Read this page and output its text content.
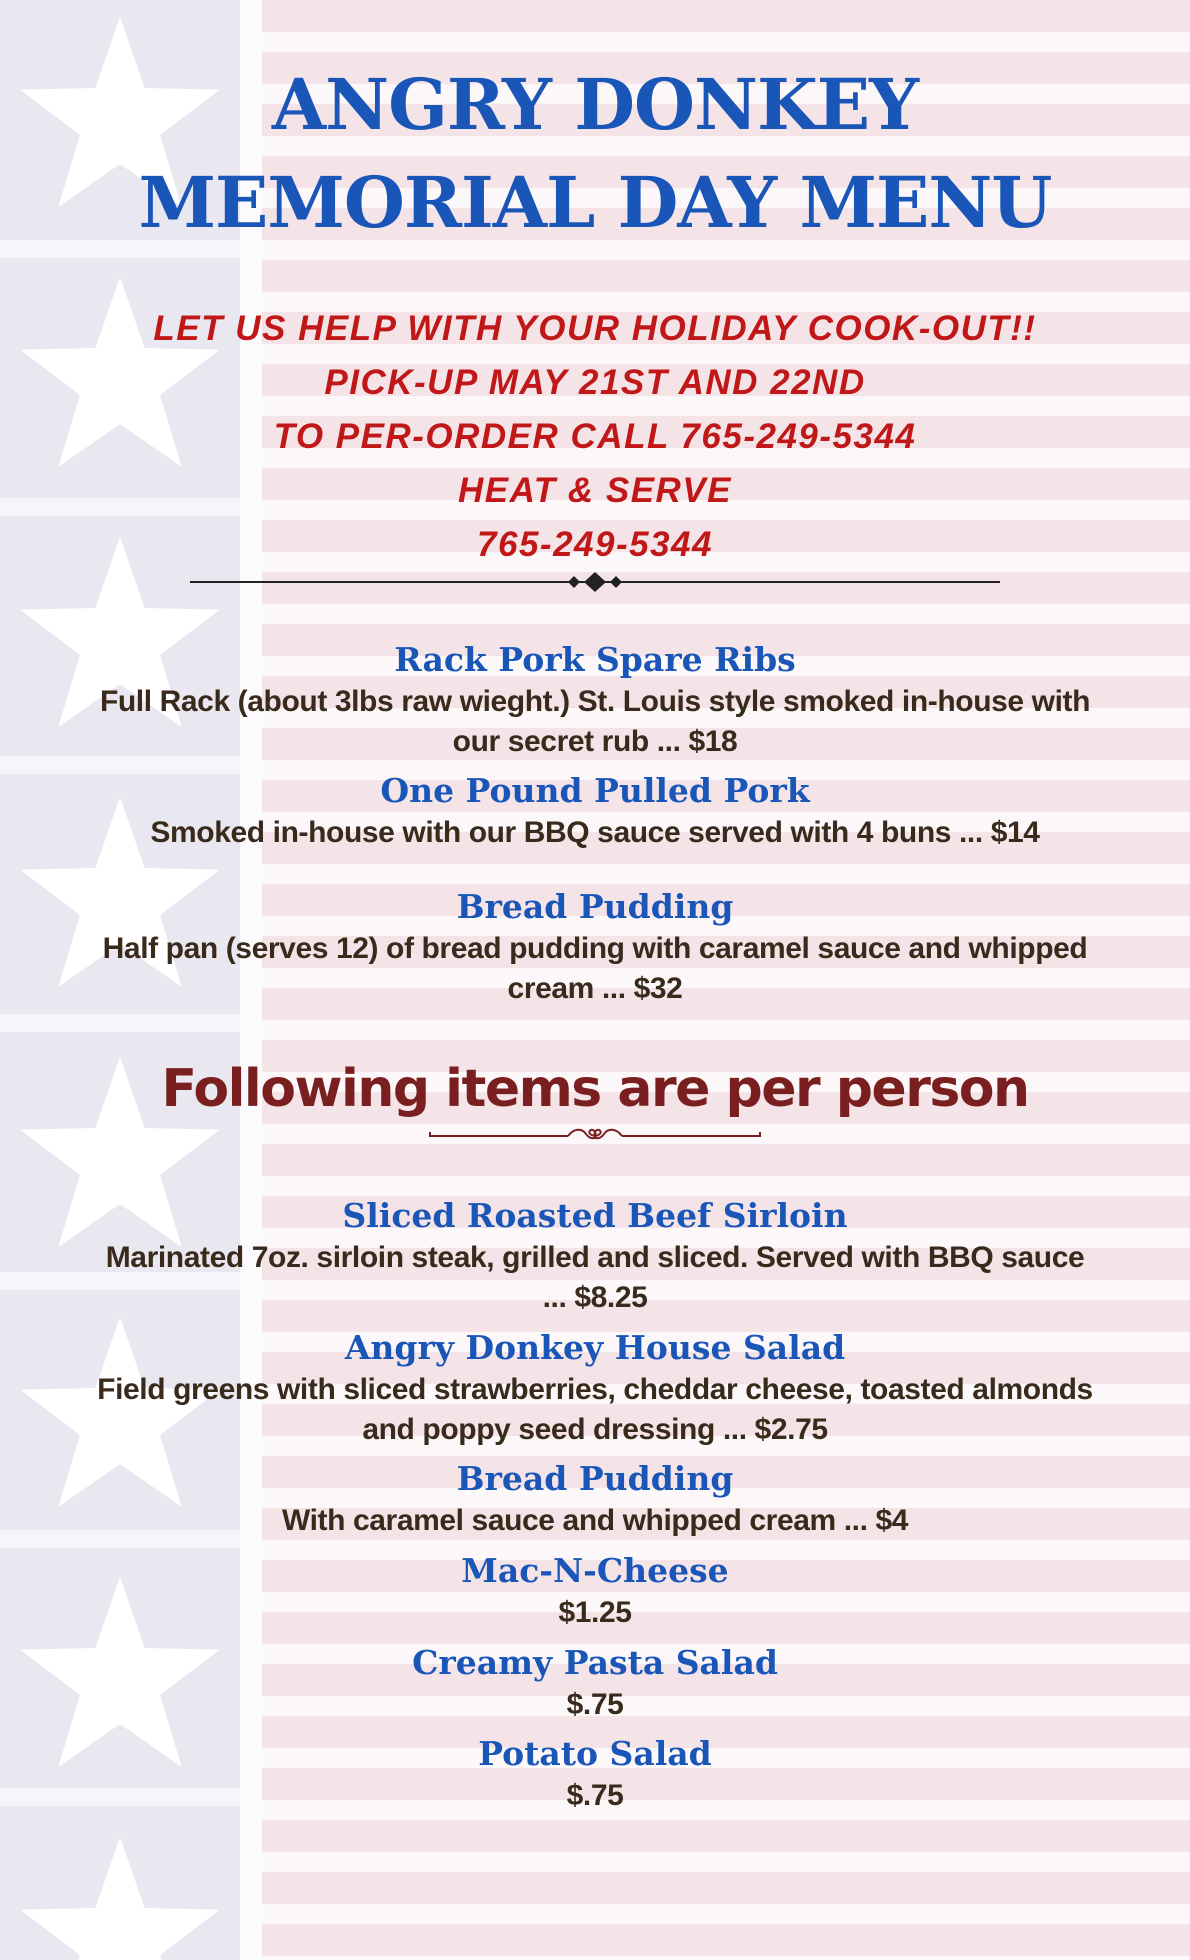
ANGRY DONKEY
MEMORIAL DAY MENU
LET US HELP WITH YOUR HOLIDAY COOK-OUT!!
PICK-UP MAY 21ST AND 22ND
TO PER-ORDER CALL 765-249-5344
HEAT & SERVE
765-249-5344
Rack Pork Spare Ribs
Full Rack (about 3lbs raw wieght.) St. Louis style smoked in-house with our secret rub ... $18
One Pound Pulled Pork
Smoked in-house with our BBQ sauce served with 4 buns ... $14
Bread Pudding
Half pan (serves 12) of bread pudding with caramel sauce and whipped cream ... $32
Following items are per person
Sliced Roasted Beef Sirloin
Marinated 7oz. sirloin steak, grilled and sliced. Served with BBQ sauce ... $8.25
Angry Donkey House Salad
Field greens with sliced strawberries, cheddar cheese, toasted almonds and poppy seed dressing ... $2.75
Bread Pudding
With caramel sauce and whipped cream ... $4
Mac-N-Cheese
$1.25
Creamy Pasta Salad
$.75
Potato Salad
$.75
